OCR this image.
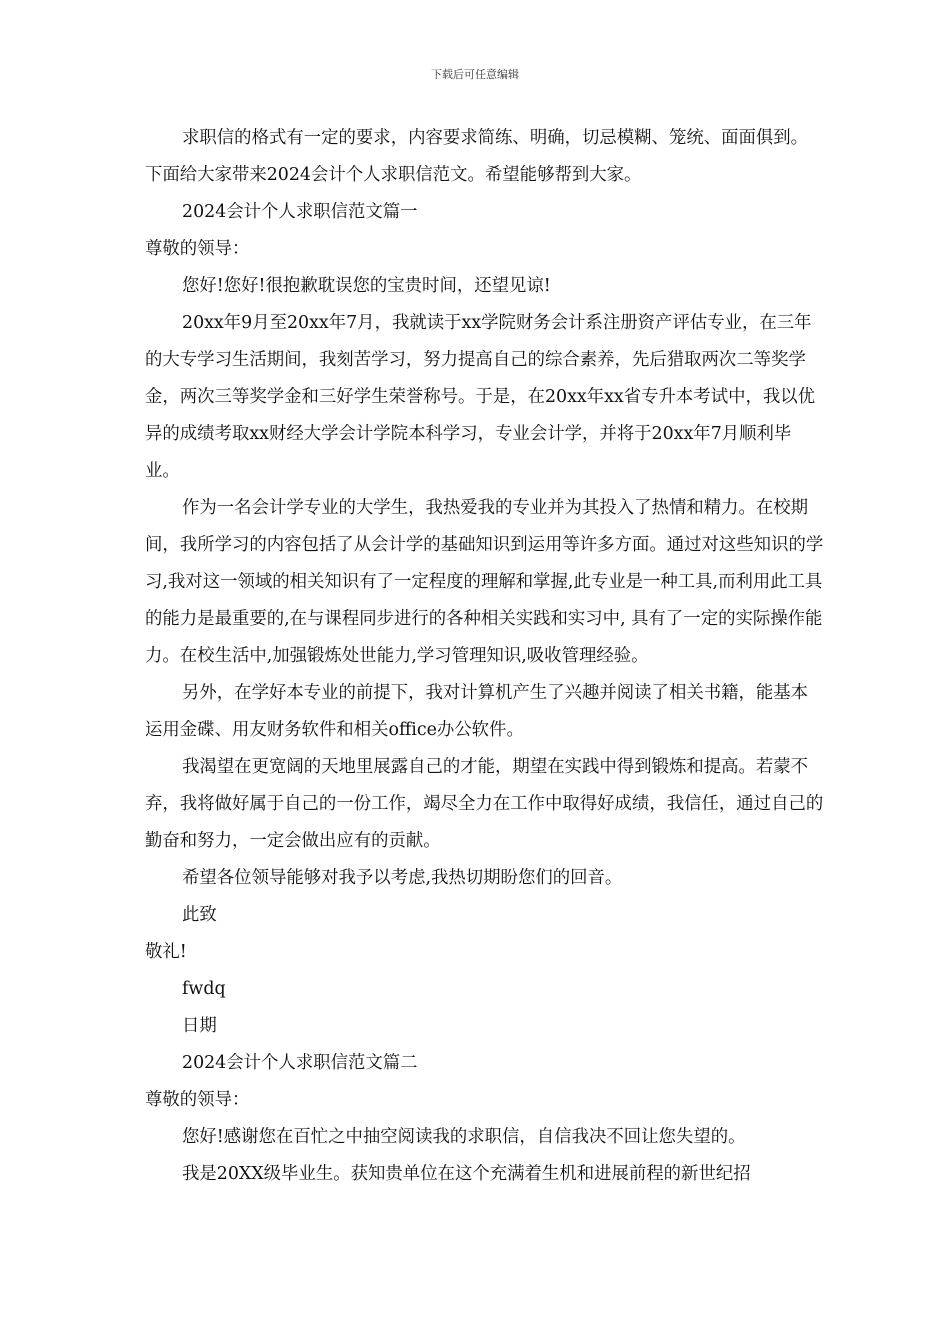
下载后可任意编辑

求职信的格式有一定的要求，内容要求简练、明确，切忌模糊、笼统、面面俱到。下面给大家带来2024会计个人求职信范文。希望能够帮到大家。

2024会计个人求职信范文篇一

尊敬的领导：

您好!您好!很抱歉耽误您的宝贵时间，还望见谅!

20xx年9月至20xx年7月，我就读于xx学院财务会计系注册资产评估专业，在三年的大专学习生活期间，我刻苦学习，努力提高自己的综合素养，先后猎取两次二等奖学金，两次三等奖学金和三好学生荣誉称号。于是，在20xx年xx省专升本考试中，我以优异的成绩考取xx财经大学会计学院本科学习，专业会计学，并将于20xx年7月顺利毕业。

作为一名会计学专业的大学生，我热爱我的专业并为其投入了热情和精力。在校期间，我所学习的内容包括了从会计学的基础知识到运用等许多方面。通过对这些知识的学习,我对这一领域的相关知识有了一定程度的理解和掌握,此专业是一种工具,而利用此工具的能力是最重要的,在与课程同步进行的各种相关实践和实习中, 具有了一定的实际操作能力。在校生活中,加强锻炼处世能力,学习管理知识,吸收管理经验。

另外，在学好本专业的前提下，我对计算机产生了兴趣并阅读了相关书籍，能基本运用金碟、用友财务软件和相关office办公软件。

我渴望在更宽阔的天地里展露自己的才能，期望在实践中得到锻炼和提高。若蒙不弃，我将做好属于自己的一份工作，竭尽全力在工作中取得好成绩，我信任，通过自己的勤奋和努力，一定会做出应有的贡献。

希望各位领导能够对我予以考虑,我热切期盼您们的回音。

此致

敬礼!

fwdq

日期

2024会计个人求职信范文篇二

尊敬的领导：

您好!感谢您在百忙之中抽空阅读我的求职信，自信我决不回让您失望的。

我是20XX级毕业生。获知贵单位在这个充满着生机和进展前程的新世纪招
